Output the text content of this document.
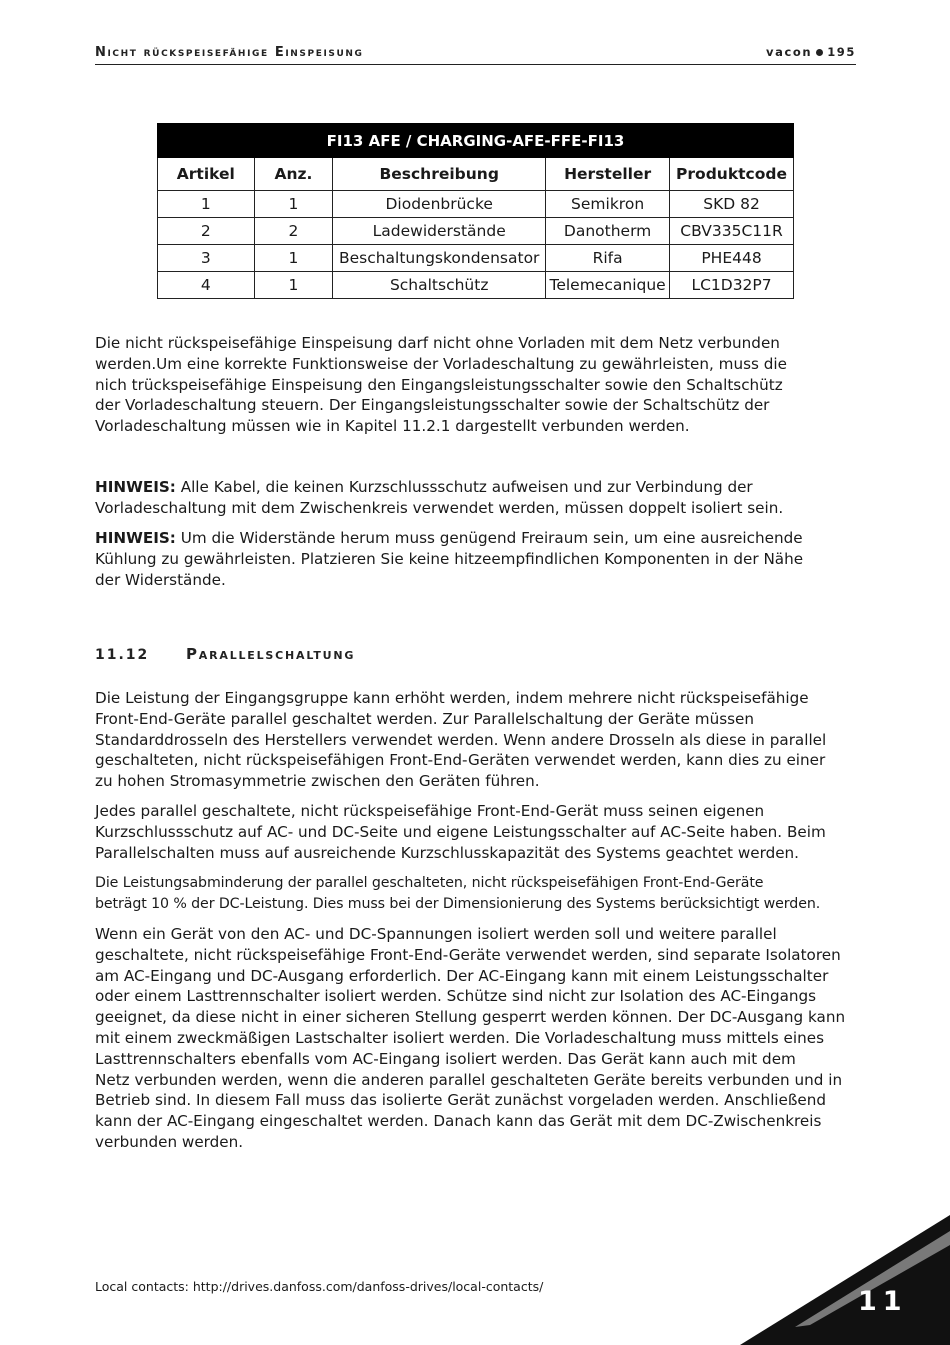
Nicht rückspeisefähige Einspeisung	vacon 195
FI13 AFE / CHARGING-AFE-FFE-FI13				
Artikel	Anz.	Beschreibung	Hersteller	Produktcode
1	1	Diodenbrücke	Semikron	SKD 82
2	2	Ladewiderstände	Danotherm	CBV335C11R
3	1	Beschaltungskondensator	Rifa	PHE448
4	1	Schaltschütz	Telemecanique	LC1D32P7

Die nicht rückspeisefähige Einspeisung darf nicht ohne Vorladen mit dem Netz verbunden

werden.Um eine korrekte Funktionsweise der Vorladeschaltung zu gewährleisten, muss die

nich trückspeisefähige Einspeisung den Eingangsleistungsschalter sowie den Schaltschütz

der Vorladeschaltung steuern. Der Eingangsleistungsschalter sowie der Schaltschütz der

Vorladeschaltung müssen wie in Kapitel 11.2.1 dargestellt verbunden werden.

HINWEIS: Alle Kabel, die keinen Kurzschlussschutz aufweisen und zur Verbindung der

Vorladeschaltung mit dem Zwischenkreis verwendet werden, müssen doppelt isoliert sein.

HINWEIS: Um die Widerstände herum muss genügend Freiraum sein, um eine ausreichende

Kühlung zu gewährleisten. Platzieren Sie keine hitzeempfindlichen Komponenten in der Nähe

der Widerstände.

11.12 Parallelschaltung

Die Leistung der Eingangsgruppe kann erhöht werden, indem mehrere nicht rückspeisefähige

Front-End-Geräte parallel geschaltet werden. Zur Parallelschaltung der Geräte müssen

Standarddrosseln des Herstellers verwendet werden. Wenn andere Drosseln als diese in parallel

geschalteten, nicht rückspeisefähigen Front-End-Geräten verwendet werden, kann dies zu einer

zu hohen Stromasymmetrie zwischen den Geräten führen.

Jedes parallel geschaltete, nicht rückspeisefähige Front-End-Gerät muss seinen eigenen

Kurzschlussschutz auf AC- und DC-Seite und eigene Leistungsschalter auf AC-Seite haben. Beim

Parallelschalten muss auf ausreichende Kurzschlusskapazität des Systems geachtet werden.

Die Leistungsabminderung der parallel geschalteten, nicht rückspeisefähigen Front-End-Geräte

beträgt 10 % der DC-Leistung. Dies muss bei der Dimensionierung des Systems berücksichtigt werden.

Wenn ein Gerät von den AC- und DC-Spannungen isoliert werden soll und weitere parallel

geschaltete, nicht rückspeisefähige Front-End-Geräte verwendet werden, sind separate Isolatoren

am AC-Eingang und DC-Ausgang erforderlich. Der AC-Eingang kann mit einem Leistungsschalter

oder einem Lasttrennschalter isoliert werden. Schütze sind nicht zur Isolation des AC-Eingangs

geeignet, da diese nicht in einer sicheren Stellung gesperrt werden können. Der DC-Ausgang kann

mit einem zweckmäßigen Lastschalter isoliert werden. Die Vorladeschaltung muss mittels eines

Lasttrennschalters ebenfalls vom AC-Eingang isoliert werden. Das Gerät kann auch mit dem

Netz verbunden werden, wenn die anderen parallel geschalteten Geräte bereits verbunden und in

Betrieb sind. In diesem Fall muss das isolierte Gerät zunächst vorgeladen werden. Anschließend

kann der AC-Eingang eingeschaltet werden. Danach kann das Gerät mit dem DC-Zwischenkreis

verbunden werden.

Local contacts: http://drives.danfoss.com/danfoss-drives/local-contacts/	11
